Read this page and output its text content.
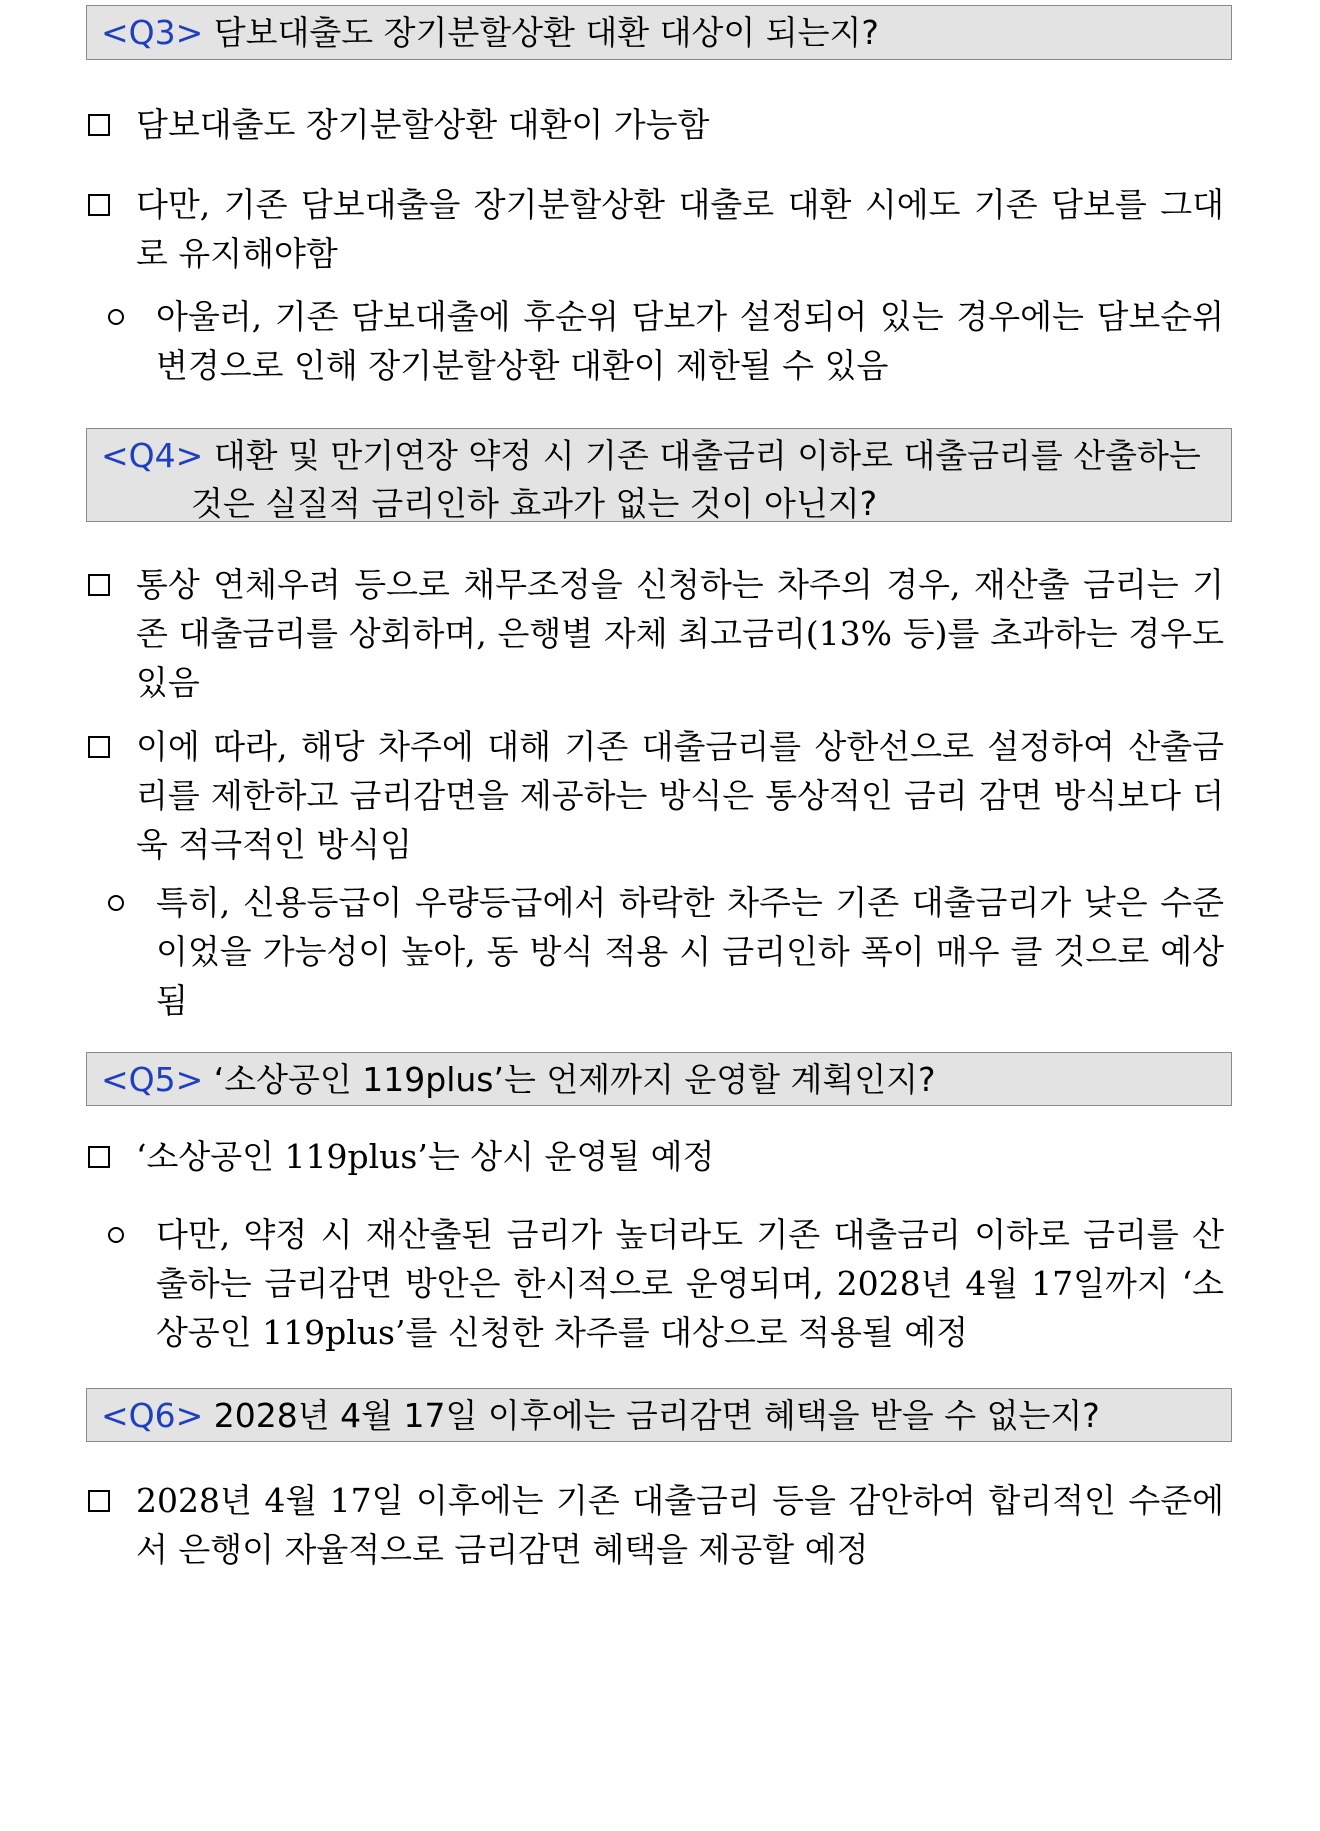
<Q3> 담보대출도 장기분할상환 대환 대상이 되는지?
담보대출도 장기분할상환 대환이 가능함
다만, 기존 담보대출을 장기분할상환 대출로 대환 시에도 기존 담보를 그대로 유지해야함
아울러, 기존 담보대출에 후순위 담보가 설정되어 있는 경우에는 담보순위 변경으로 인해 장기분할상환 대환이 제한될 수 있음
<Q4> 대환 및 만기연장 약정 시 기존 대출금리 이하로 대출금리를 산출하는
것은 실질적 금리인하 효과가 없는 것이 아닌지?
통상 연체우려 등으로 채무조정을 신청하는 차주의 경우, 재산출 금리는 기존 대출금리를 상회하며, 은행별 자체 최고금리(13% 등)를 초과하는 경우도 있음
이에 따라, 해당 차주에 대해 기존 대출금리를 상한선으로 설정하여 산출금리를 제한하고 금리감면을 제공하는 방식은 통상적인 금리 감면 방식보다 더욱 적극적인 방식임
특히, 신용등급이 우량등급에서 하락한 차주는 기존 대출금리가 낮은 수준이었을 가능성이 높아, 동 방식 적용 시 금리인하 폭이 매우 클 것으로 예상됨
<Q5> ‘소상공인 119plus’는 언제까지 운영할 계획인지?
‘소상공인 119plus’는 상시 운영될 예정
다만, 약정 시 재산출된 금리가 높더라도 기존 대출금리 이하로 금리를 산출하는 금리감면 방안은 한시적으로 운영되며, 2028년 4월 17일까지 ‘소상공인 119plus’를 신청한 차주를 대상으로 적용될 예정
<Q6> 2028년 4월 17일 이후에는 금리감면 혜택을 받을 수 없는지?
2028년 4월 17일 이후에는 기존 대출금리 등을 감안하여 합리적인 수준에서 은행이 자율적으로 금리감면 혜택을 제공할 예정
